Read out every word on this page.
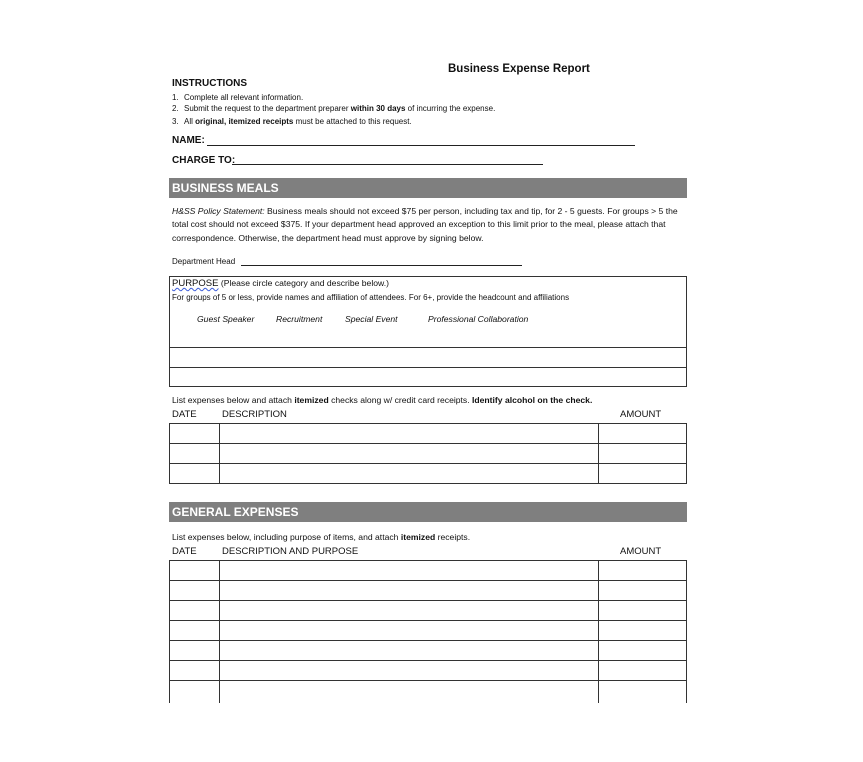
Business Expense Report
INSTRUCTIONS
1. Complete all relevant information.
2. Submit the request to the department preparer within 30 days of incurring the expense.
3. All original, itemized receipts must be attached to this request.
NAME:
CHARGE TO:
BUSINESS MEALS
H&SS Policy Statement: Business meals should not exceed $75 per person, including tax and tip, for 2 - 5 guests. For groups > 5 the total cost should not exceed $375. If your department head approved an exception to this limit prior to the meal, please attach that correspondence. Otherwise, the department head must approve by signing below.
Department Head
PURPOSE (Please circle category and describe below.)
For groups of 5 or less, provide names and affiliation of attendees. For 6+, provide the headcount and affiliations
Guest Speaker	Recruitment	Special Event	Professional Collaboration
List expenses below and attach itemized checks along w/ credit card receipts. Identify alcohol on the check.
DATE	DESCRIPTION	AMOUNT
GENERAL EXPENSES
List expenses below, including purpose of items, and attach itemized receipts.
DATE	DESCRIPTION AND PURPOSE	AMOUNT
